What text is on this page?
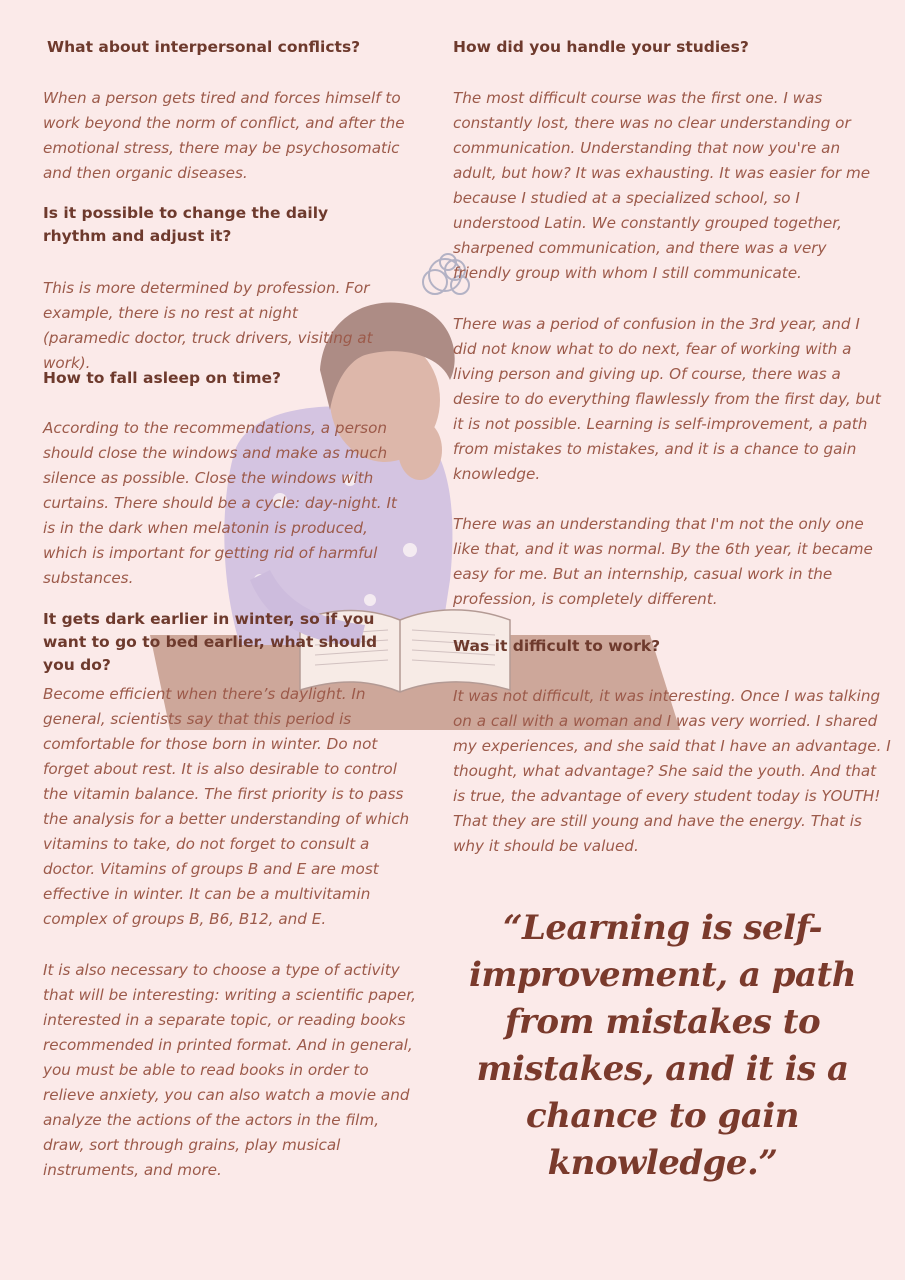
What about interpersonal conflicts?

When a person gets tired and forces himself to work beyond the norm of conflict, and after the emotional stress, there may be psychosomatic and then organic diseases.

Is it possible to change the daily rhythm and adjust it?

This is more determined by profession. For example, there is no rest at night (paramedic doctor, truck drivers, visiting at work).

How to fall asleep on time?

According to the recommendations, a person should close the windows and make as much silence as possible. Close the windows with curtains. There should be a cycle: day-night. It is in the dark when melatonin is produced, which is important for getting rid of harmful substances.

It gets dark earlier in winter, so if you want to go to bed earlier, what should you do?

Become efficient when there’s daylight. In general, scientists say that this period is comfortable for those born in winter. Do not forget about rest. It is also desirable to control the vitamin balance. The first priority is to pass the analysis for a better understanding of which vitamins to take, do not forget to consult a doctor. Vitamins of groups B and E are most effective in winter. It can be a multivitamin complex of groups B, B6, B12, and E.

It is also necessary to choose a type of activity that will be interesting: writing a scientific paper, interested in a separate topic, or reading books recommended in printed format. And in general, you must be able to read books in order to relieve anxiety, you can also watch a movie and analyze the actions of the actors in the film, draw, sort through grains, play musical instruments, and more.

How did you handle your studies?

The most difficult course was the first one. I was constantly lost, there was no clear understanding or communication. Understanding that now you're an adult, but how? It was exhausting. It was easier for me because I studied at a specialized school, so I understood Latin. We constantly grouped together, sharpened communication, and there was a very friendly group with whom I still communicate.

There was a period of confusion in the 3rd year, and I did not know what to do next, fear of working with a living person and giving up. Of course, there was a desire to do everything flawlessly from the first day, but it is not possible. Learning is self-improvement, a path from mistakes to mistakes, and it is a chance to gain knowledge.

There was an understanding that I'm not the only one like that, and it was normal. By the 6th year, it became easy for me. But an internship, casual work in the profession, is completely different.

Was it difficult to work?

It was not difficult, it was interesting. Once I was talking on a call with a woman and I was very worried. I shared my experiences, and she said that I have an advantage. I thought, what advantage? She said the youth. And that is true, the advantage of every student today is YOUTH! That they are still young and have the energy. That is why it should be valued.

“Learning is self-improvement, a path from mistakes to mistakes, and it is a chance to gain knowledge.”
